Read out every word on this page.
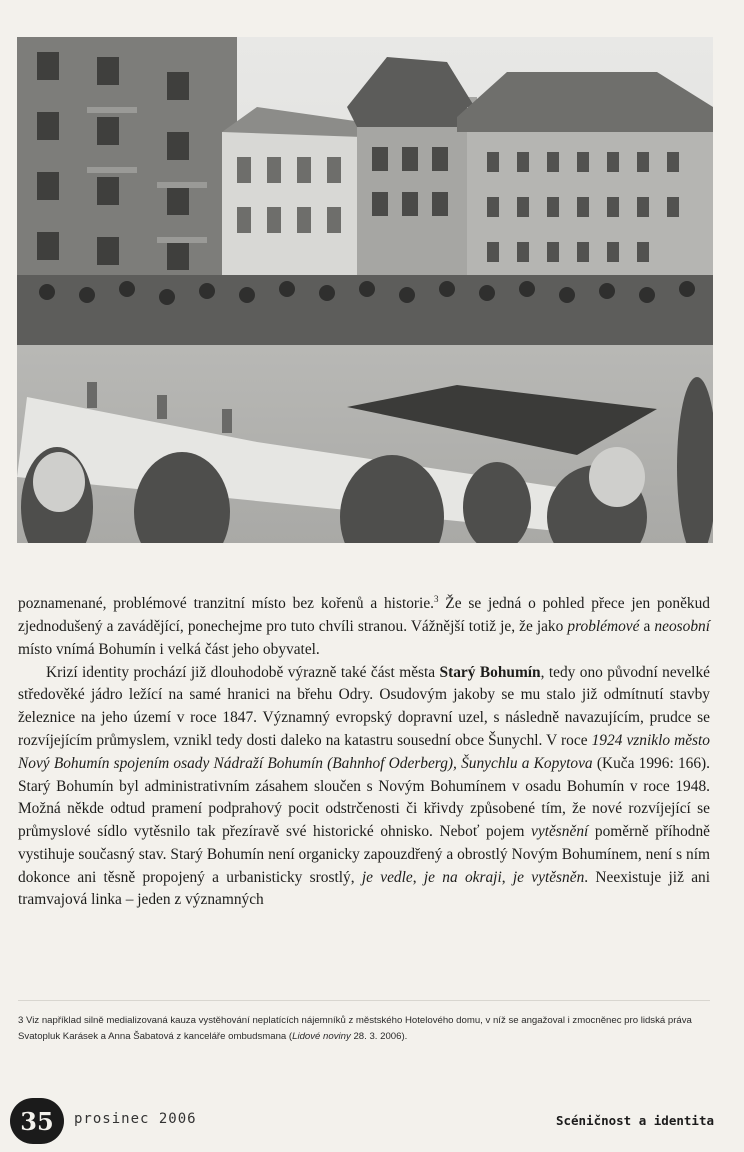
poznamenané, problémové tranzitní místo bez kořenů a historie.$^3$ Že se jedná o pohled přece jen poněkud zjednodušený a zavádějící, ponechejme pro tuto chvíli stranou. Vážnější totiž je, že jako problémové a neosobní místo vnímá Bohumín i velká část jeho obyvatel.

Krizí identity prochází již dlouhodobě výrazně také část města Starý Bohumín, tedy ono původní nevelké středověké jádro ležící na samé hranici na břehu Odry. Osudovým jakoby se mu stalo již odmítnutí stavby železnice na jeho území v roce 1847. Významný evropský dopravní uzel, s následně navazujícím, prudce se rozvíjejícím průmyslem, vznikl tedy dosti daleko na katastru sousední obce Šunychl. V roce 1924 vzniklo město Nový Bohumín spojením osady Nádraží Bohumín (Bahnhof Oderberg), Šunychlu a Kopytova (Kuča 1996: 166). Starý Bohumín byl administrativním zásahem sloučen s Novým Bohumínem v osadu Bohumín v roce 1948. Možná někde odtud pramení podprahový pocit odstrčenosti či křivdy způsobené tím, že nové rozvíjející se průmyslové sídlo vytěsnilo tak přezíravě své historické ohnisko. Neboť pojem vytěsnění poměrně příhodně vystihuje současný stav. Starý Bohumín není organicky zapouzdřený a obrostlý Novým Bohumínem, není s ním dokonce ani těsně propojený a urbanisticky srostlý, je vedle, je na okraji, je vytěsněn. Neexistuje již ani tramvajová linka – jeden z významných

3 Viz například silně medializovaná kauza vystěhování neplatících nájemníků z městského Hotelového domu, v níž se angažoval i zmocněnec pro lidská práva Svatopluk Karásek a Anna Šabatová z kanceláře ombudsmana (Lidové noviny 28. 3. 2006).
35	prosinec 2006	Scéničnost a identita
